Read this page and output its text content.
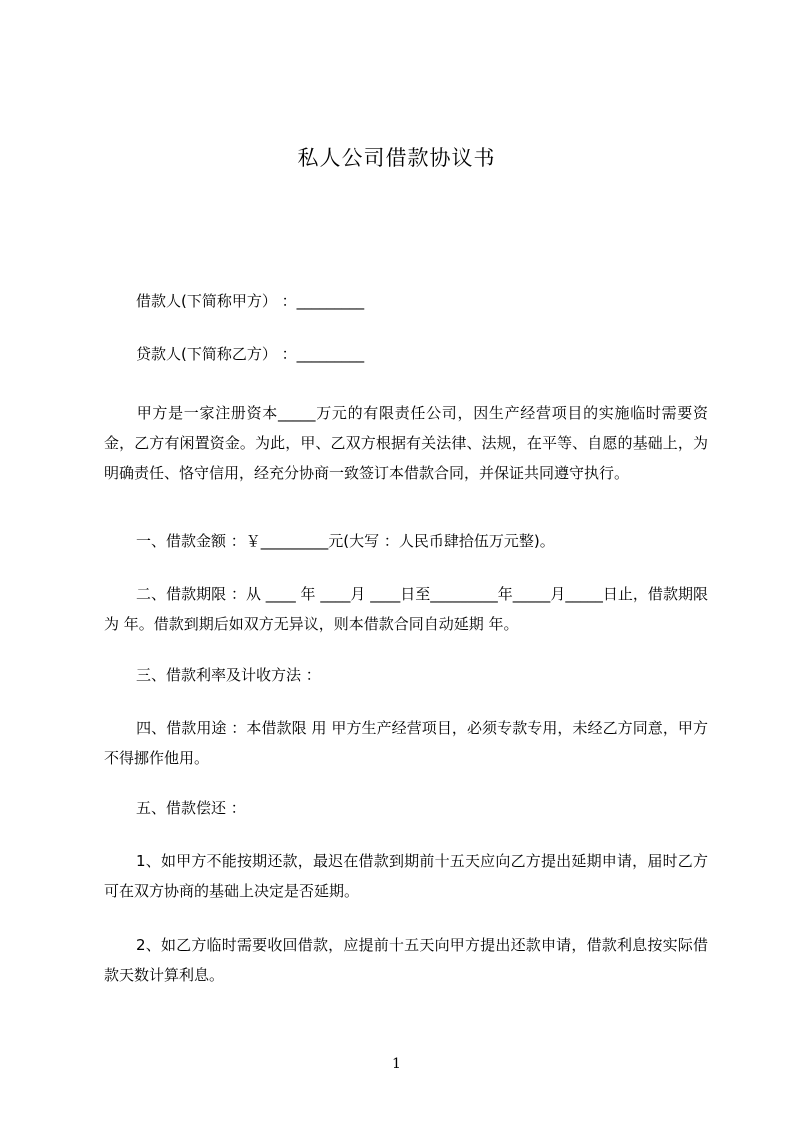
私人公司借款协议书
借款人(下简称甲方） ：_________
贷款人(下简称乙方） ：_________
甲方是一家注册资本_____万元的有限责任公司，因生产经营项目的实施临时需要资金，乙方有闲置资金。为此，甲、乙双方根据有关法律、法规，在平等、自愿的基础上，为明确责任、恪守信用，经充分协商一致签订本借款合同，并保证共同遵守执行。
一、借款金额 ：￥_________元(大写 ：人民币肆拾伍万元整)。
二、借款期限 ：从 ____ 年 ____月 ____日至_________年_____月_____日止，借款期限为 年。借款到期后如双方无异议，则本借款合同自动延期 年。
三、借款利率及计收方法 ：
四、借款用途 ：本借款限 用 甲方生产经营项目，必须专款专用，未经乙方同意，甲方不得挪作他用。
五、借款偿还 ：
1、如甲方不能按期还款，最迟在借款到期前十五天应向乙方提出延期申请，届时乙方可在双方协商的基础上决定是否延期。
2、如乙方临时需要收回借款，应提前十五天向甲方提出还款申请，借款利息按实际借款天数计算利息。
1
